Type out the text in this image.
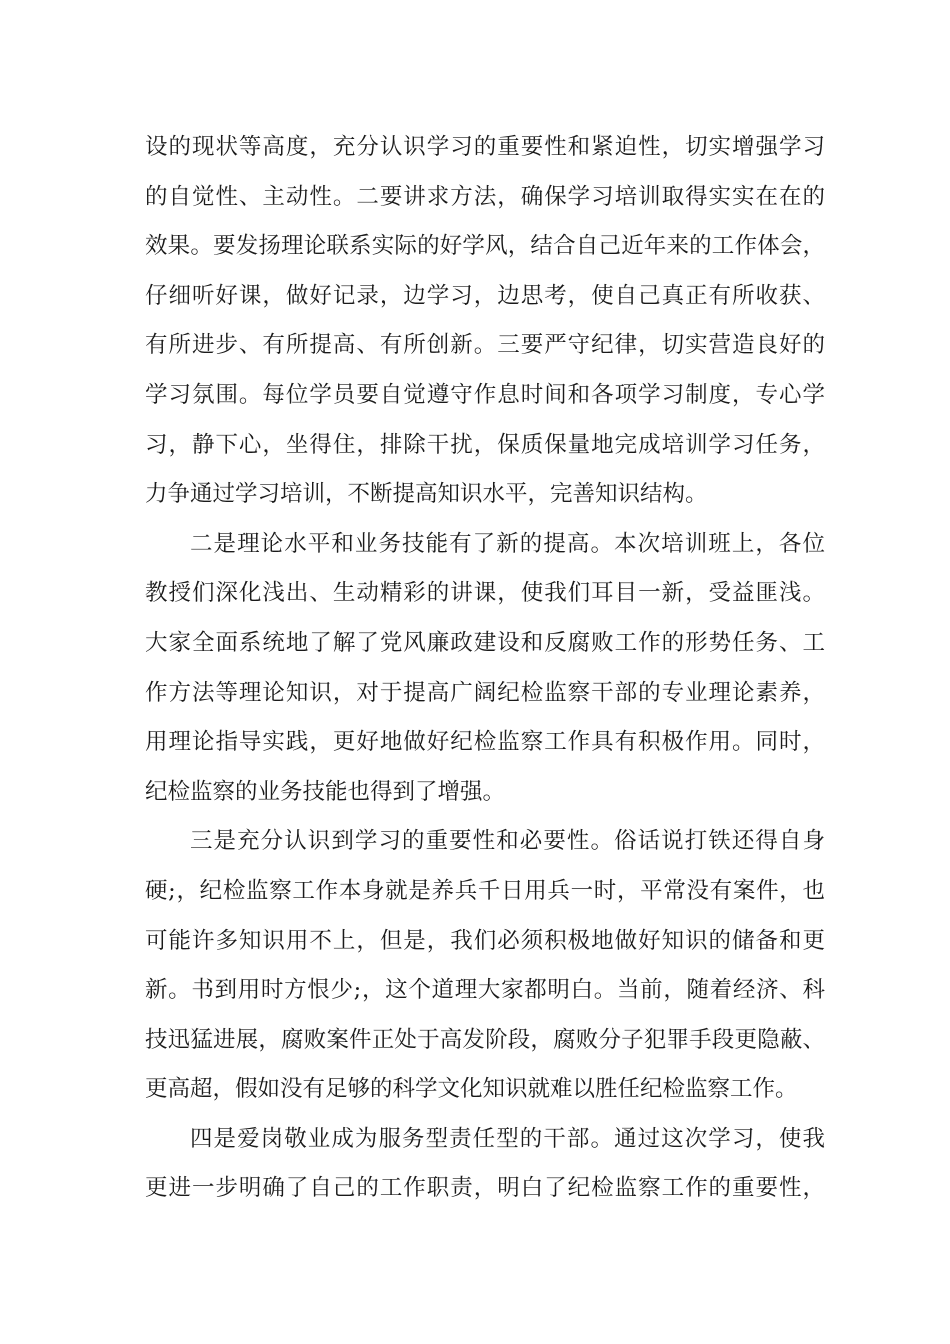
设的现状等高度，充分认识学习的重要性和紧迫性，切实增强学习
的自觉性、主动性。二要讲求方法，确保学习培训取得实实在在的
效果。要发扬理论联系实际的好学风，结合自己近年来的工作体会，
仔细听好课，做好记录，边学习，边思考，使自己真正有所收获、
有所进步、有所提高、有所创新。三要严守纪律，切实营造良好的
学习氛围。每位学员要自觉遵守作息时间和各项学习制度，专心学
习，静下心，坐得住，排除干扰，保质保量地完成培训学习任务，
力争通过学习培训，不断提高知识水平，完善知识结构。
二是理论水平和业务技能有了新的提高。本次培训班上，各位
教授们深化浅出、生动精彩的讲课，使我们耳目一新，受益匪浅。
大家全面系统地了解了党风廉政建设和反腐败工作的形势任务、工
作方法等理论知识，对于提高广阔纪检监察干部的专业理论素养，
用理论指导实践，更好地做好纪检监察工作具有积极作用。同时，
纪检监察的业务技能也得到了增强。
三是充分认识到学习的重要性和必要性。俗话说打铁还得自身
硬;，纪检监察工作本身就是养兵千日用兵一时，平常没有案件，也
可能许多知识用不上，但是，我们必须积极地做好知识的储备和更
新。书到用时方恨少;，这个道理大家都明白。当前，随着经济、科
技迅猛进展，腐败案件正处于高发阶段，腐败分子犯罪手段更隐蔽、
更高超，假如没有足够的科学文化知识就难以胜任纪检监察工作。
四是爱岗敬业成为服务型责任型的干部。通过这次学习，使我
更进一步明确了自己的工作职责，明白了纪检监察工作的重要性，
